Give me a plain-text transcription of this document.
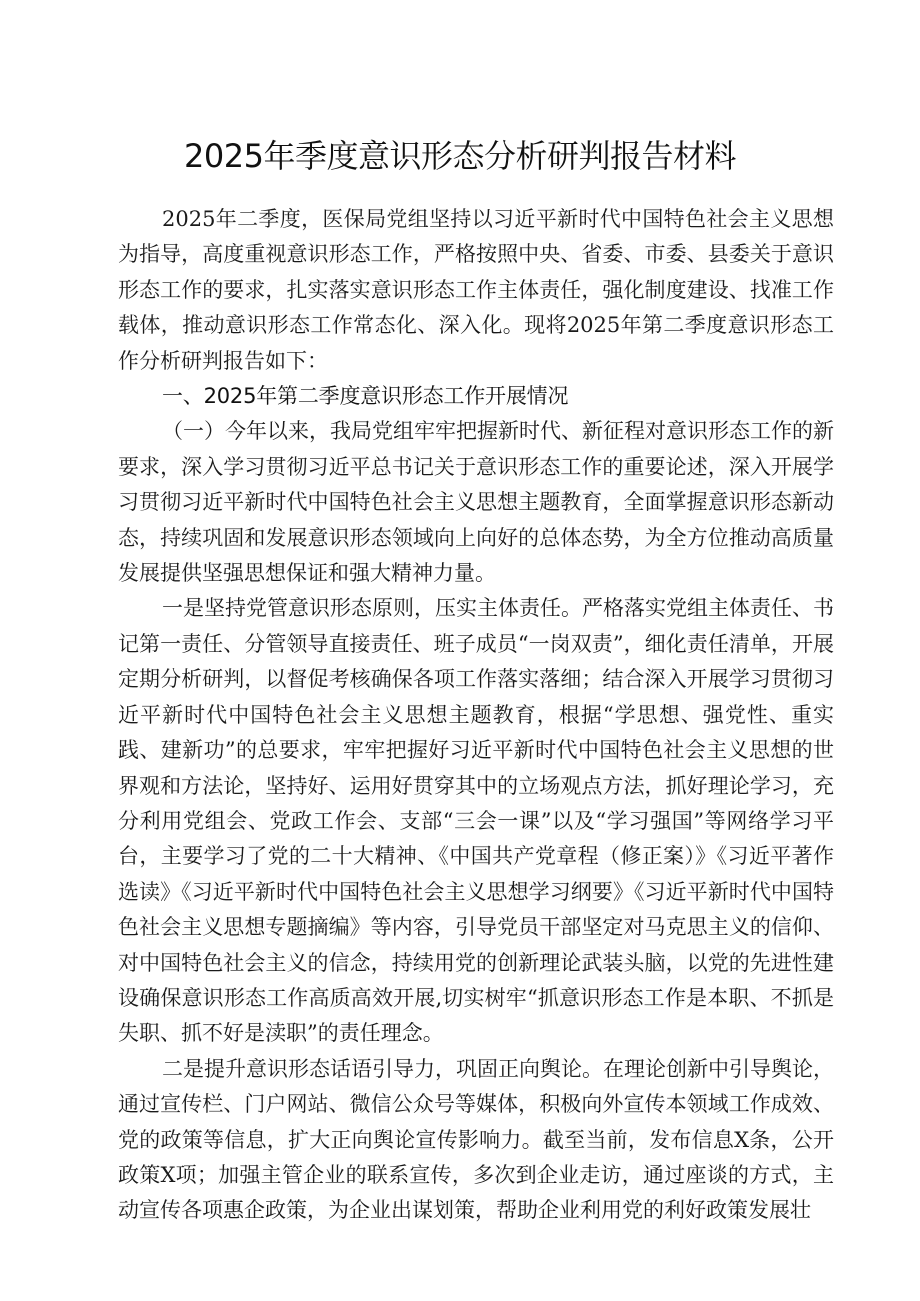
2025年季度意识形态分析研判报告材料

2025年二季度，医保局党组坚持以习近平新时代中国特色社会主义思想为指导，高度重视意识形态工作，严格按照中央、省委、市委、县委关于意识形态工作的要求，扎实落实意识形态工作主体责任，强化制度建设、找准工作载体，推动意识形态工作常态化、深入化。现将2025年第二季度意识形态工作分析研判报告如下：

一、2025年第二季度意识形态工作开展情况

（一）今年以来，我局党组牢牢把握新时代、新征程对意识形态工作的新要求，深入学习贯彻习近平总书记关于意识形态工作的重要论述，深入开展学习贯彻习近平新时代中国特色社会主义思想主题教育，全面掌握意识形态新动态，持续巩固和发展意识形态领域向上向好的总体态势，为全方位推动高质量发展提供坚强思想保证和强大精神力量。

一是坚持党管意识形态原则，压实主体责任。严格落实党组主体责任、书记第一责任、分管领导直接责任、班子成员“一岗双责”，细化责任清单，开展定期分析研判，以督促考核确保各项工作落实落细；结合深入开展学习贯彻习近平新时代中国特色社会主义思想主题教育，根据“学思想、强党性、重实践、建新功”的总要求，牢牢把握好习近平新时代中国特色社会主义思想的世界观和方法论，坚持好、运用好贯穿其中的立场观点方法，抓好理论学习，充分利用党组会、党政工作会、支部“三会一课”以及“学习强国”等网络学习平台，主要学习了党的二十大精神、《中国共产党章程（修正案）》《习近平著作选读》《习近平新时代中国特色社会主义思想学习纲要》《习近平新时代中国特色社会主义思想专题摘编》等内容，引导党员干部坚定对马克思主义的信仰、对中国特色社会主义的信念，持续用党的创新理论武装头脑，以党的先进性建设确保意识形态工作高质高效开展,切实树牢“抓意识形态工作是本职、不抓是失职、抓不好是渎职”的责任理念。

二是提升意识形态话语引导力，巩固正向舆论。在理论创新中引导舆论，通过宣传栏、门户网站、微信公众号等媒体，积极向外宣传本领域工作成效、党的政策等信息，扩大正向舆论宣传影响力。截至当前，发布信息X条，公开政策X项；加强主管企业的联系宣传，多次到企业走访，通过座谈的方式，主动宣传各项惠企政策，为企业出谋划策，帮助企业利用党的利好政策发展壮
